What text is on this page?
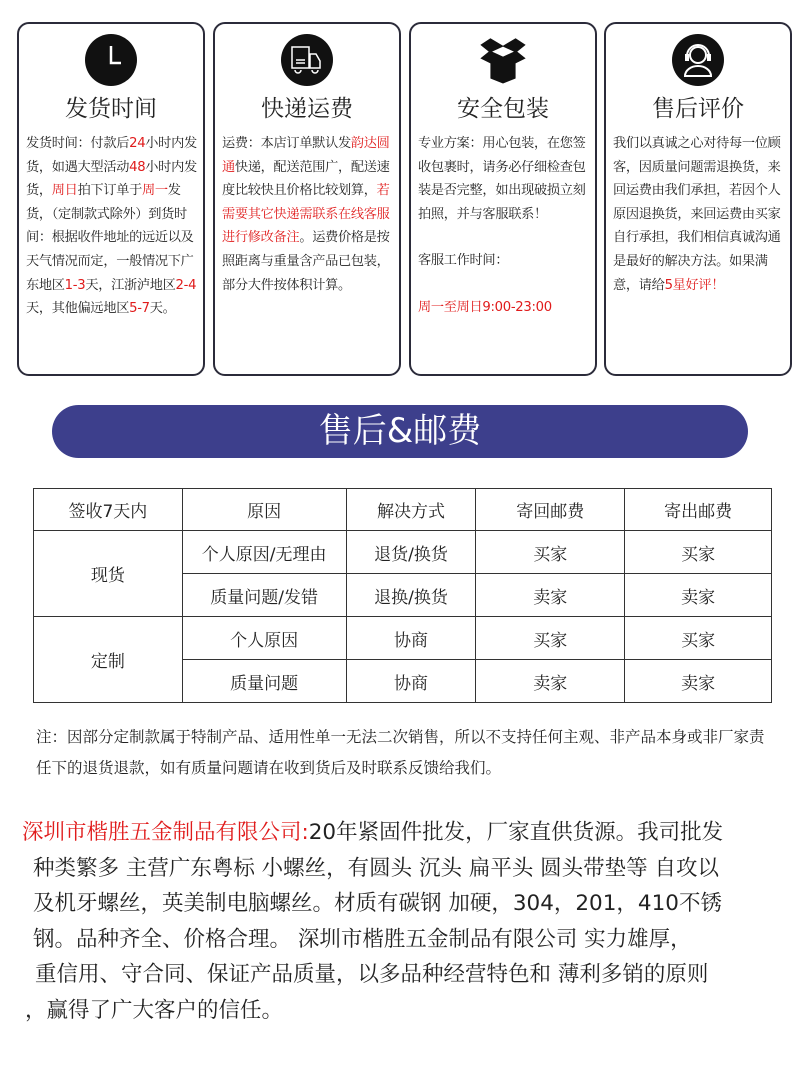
发货时间

发货时间：付款后24小时内发货，如遇大型活动48小时内发货，周日拍下订单于周一发货，（定制款式除外）到货时间：根据收件地址的远近以及天气情况而定，一般情况下广东地区1-3天，江浙泸地区2-4天，其他偏远地区5-7天。

快递运费

运费：本店订单默认发韵达圆通快递，配送范围广，配送速度比较快且价格比较划算，若需要其它快递需联系在线客服进行修改备注。运费价格是按照距离与重量含产品已包装，部分大件按体积计算。

安全包装

专业方案：用心包装，在您签收包裹时，请务必仔细检查包装是否完整，如出现破损立刻拍照，并与客服联系！

客服工作时间：

周一至周日9:00-23:00

售后评价

我们以真诚之心对待每一位顾客，因质量问题需退换货，来回运费由我们承担，若因个人原因退换货，来回运费由买家自行承担，我们相信真诚沟通是最好的解决方法。如果满意，请给5星好评！

售后&邮费
签收7天内	原因	解决方式	寄回邮费	寄出邮费
现货	个人原因/无理由	退货/换货	买家	买家
	质量问题/发错	退换/换货	卖家	卖家
定制	个人原因	协商	买家	买家
	质量问题	协商	卖家	卖家
注：因部分定制款属于特制产品、适用性单一无法二次销售，所以不支持任何主观、非产品本身或非厂家责任下的退货退款，如有质量问题请在收到货后及时联系反馈给我们。
深圳市楷胜五金制品有限公司:20年紧固件批发，厂家直供货源。我司批发
种类繁多 主营广东粤标 小螺丝，有圆头 沉头 扁平头 圆头带垫等 自攻以
及机牙螺丝，英美制电脑螺丝。材质有碳钢 加硬，304，201，410不锈
钢。品种齐全、价格合理。 深圳市楷胜五金制品有限公司 实力雄厚，
重信用、守合同、保证产品质量，以多品种经营特色和 薄利多销的原则
，赢得了广大客户的信任。
